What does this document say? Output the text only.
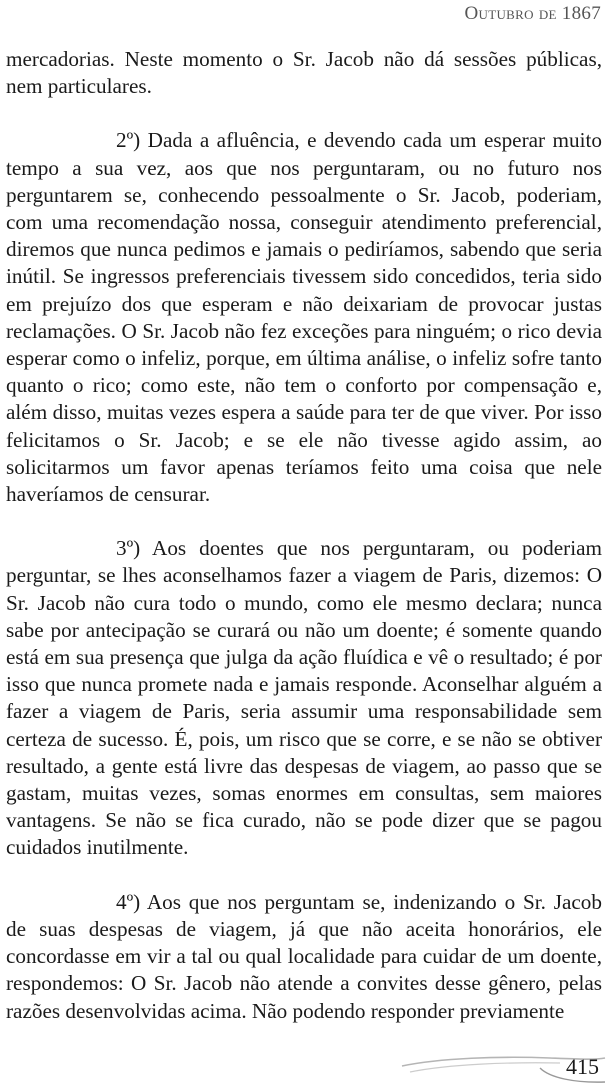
Outubro de 1867

mercadorias. Neste momento o Sr. Jacob não dá sessões públicas, nem particulares.

2º) Dada a afluência, e devendo cada um esperar muito tempo a sua vez, aos que nos perguntaram, ou no futuro nos perguntarem se, conhecendo pessoalmente o Sr. Jacob, poderiam, com uma recomendação nossa, conseguir atendimento preferencial, diremos que nunca pedimos e jamais o pediríamos, sabendo que seria inútil. Se ingressos preferenciais tivessem sido concedidos, teria sido em prejuízo dos que esperam e não deixariam de provocar justas reclamações. O Sr. Jacob não fez exceções para ninguém; o rico devia esperar como o infeliz, porque, em última análise, o infeliz sofre tanto quanto o rico; como este, não tem o conforto por compensação e, além disso, muitas vezes espera a saúde para ter de que viver. Por isso felicitamos o Sr. Jacob; e se ele não tivesse agido assim, ao solicitarmos um favor apenas teríamos feito uma coisa que nele haveríamos de censurar.

3º) Aos doentes que nos perguntaram, ou poderiam perguntar, se lhes aconselhamos fazer a viagem de Paris, dizemos: O Sr. Jacob não cura todo o mundo, como ele mesmo declara; nunca sabe por antecipação se curará ou não um doente; é somente quando está em sua presença que julga da ação fluídica e vê o resultado; é por isso que nunca promete nada e jamais responde. Aconselhar alguém a fazer a viagem de Paris, seria assumir uma responsabilidade sem certeza de sucesso. É, pois, um risco que se corre, e se não se obtiver resultado, a gente está livre das despesas de viagem, ao passo que se gastam, muitas vezes, somas enormes em consultas, sem maiores vantagens. Se não se fica curado, não se pode dizer que se pagou cuidados inutilmente.

4º) Aos que nos perguntam se, indenizando o Sr. Jacob de suas despesas de viagem, já que não aceita honorários, ele concordasse em vir a tal ou qual localidade para cuidar de um doente, respondemos: O Sr. Jacob não atende a convites desse gênero, pelas razões desenvolvidas acima. Não podendo responder previamente

415
